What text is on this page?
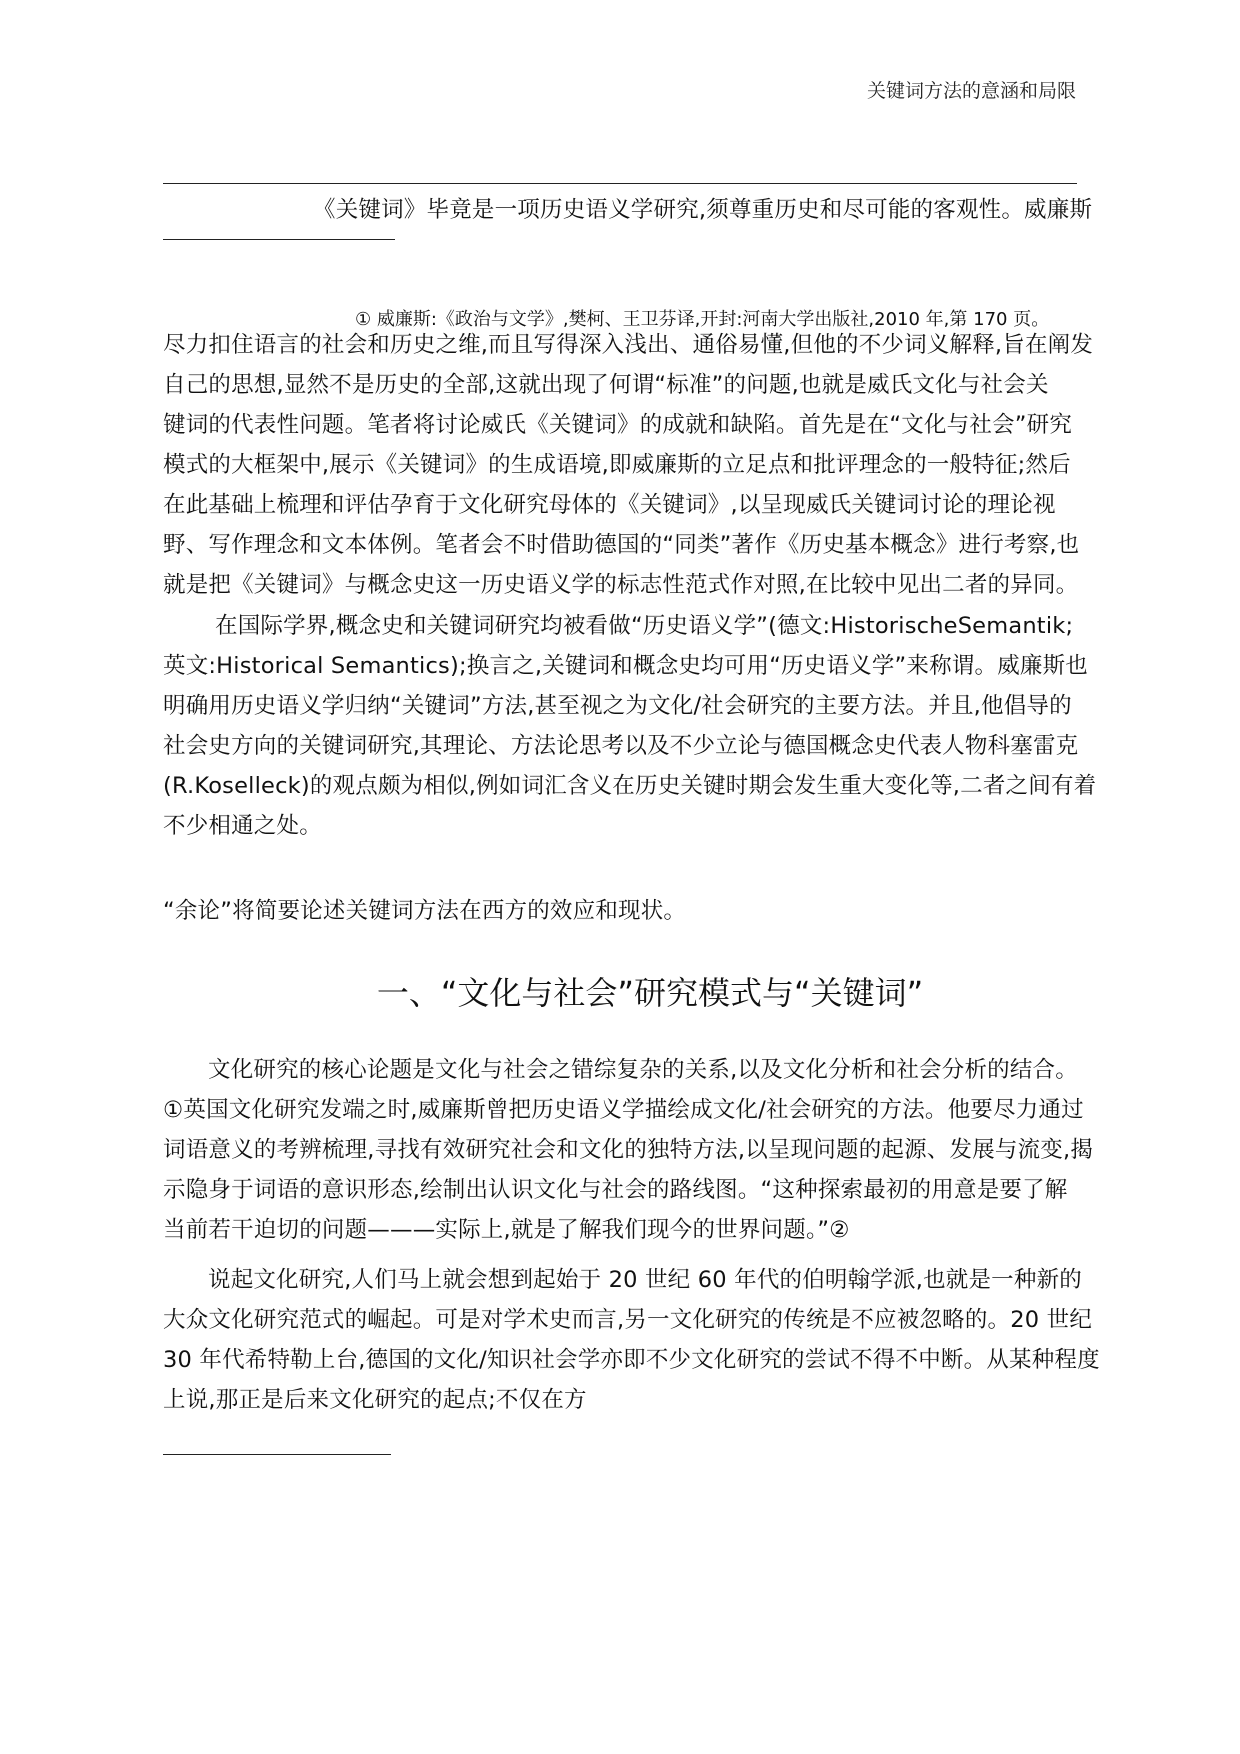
关键词方法的意涵和局限
《关键词》毕竟是一项历史语义学研究,须尊重历史和尽可能的客观性。威廉斯
① 威廉斯:《政治与文学》,樊柯、王卫芬译,开封:河南大学出版社,2010 年,第 170 页。
尽力扣住语言的社会和历史之维,而且写得深入浅出、通俗易懂,但他的不少词义解释,旨在阐发
自己的思想,显然不是历史的全部,这就出现了何谓“标准”的问题,也就是威氏文化与社会关
键词的代表性问题。笔者将讨论威氏《关键词》的成就和缺陷。首先是在“文化与社会”研究
模式的大框架中,展示《关键词》的生成语境,即威廉斯的立足点和批评理念的一般特征;然后
在此基础上梳理和评估孕育于文化研究母体的《关键词》,以呈现威氏关键词讨论的理论视
野、写作理念和文本体例。笔者会不时借助德国的“同类”著作《历史基本概念》进行考察,也
就是把《关键词》与概念史这一历史语义学的标志性范式作对照,在比较中见出二者的异同。
在国际学界,概念史和关键词研究均被看做“历史语义学”(德文:HistorischeSemantik;
英文:Historical Semantics);换言之,关键词和概念史均可用“历史语义学”来称谓。威廉斯也
明确用历史语义学归纳“关键词”方法,甚至视之为文化/社会研究的主要方法。并且,他倡导的
社会史方向的关键词研究,其理论、方法论思考以及不少立论与德国概念史代表人物科塞雷克
(R.Koselleck)的观点颇为相似,例如词汇含义在历史关键时期会发生重大变化等,二者之间有着
不少相通之处。
“余论”将简要论述关键词方法在西方的效应和现状。
一、“文化与社会”研究模式与“关键词”
文化研究的核心论题是文化与社会之错综复杂的关系,以及文化分析和社会分析的结合。
①英国文化研究发端之时,威廉斯曾把历史语义学描绘成文化/社会研究的方法。他要尽力通过
词语意义的考辨梳理,寻找有效研究社会和文化的独特方法,以呈现问题的起源、发展与流变,揭
示隐身于词语的意识形态,绘制出认识文化与社会的路线图。“这种探索最初的用意是要了解
当前若干迫切的问题———实际上,就是了解我们现今的世界问题。”②
说起文化研究,人们马上就会想到起始于 20 世纪 60 年代的伯明翰学派,也就是一种新的
大众文化研究范式的崛起。可是对学术史而言,另一文化研究的传统是不应被忽略的。20 世纪
30 年代希特勒上台,德国的文化/知识社会学亦即不少文化研究的尝试不得不中断。从某种程度
上说,那正是后来文化研究的起点;不仅在方
